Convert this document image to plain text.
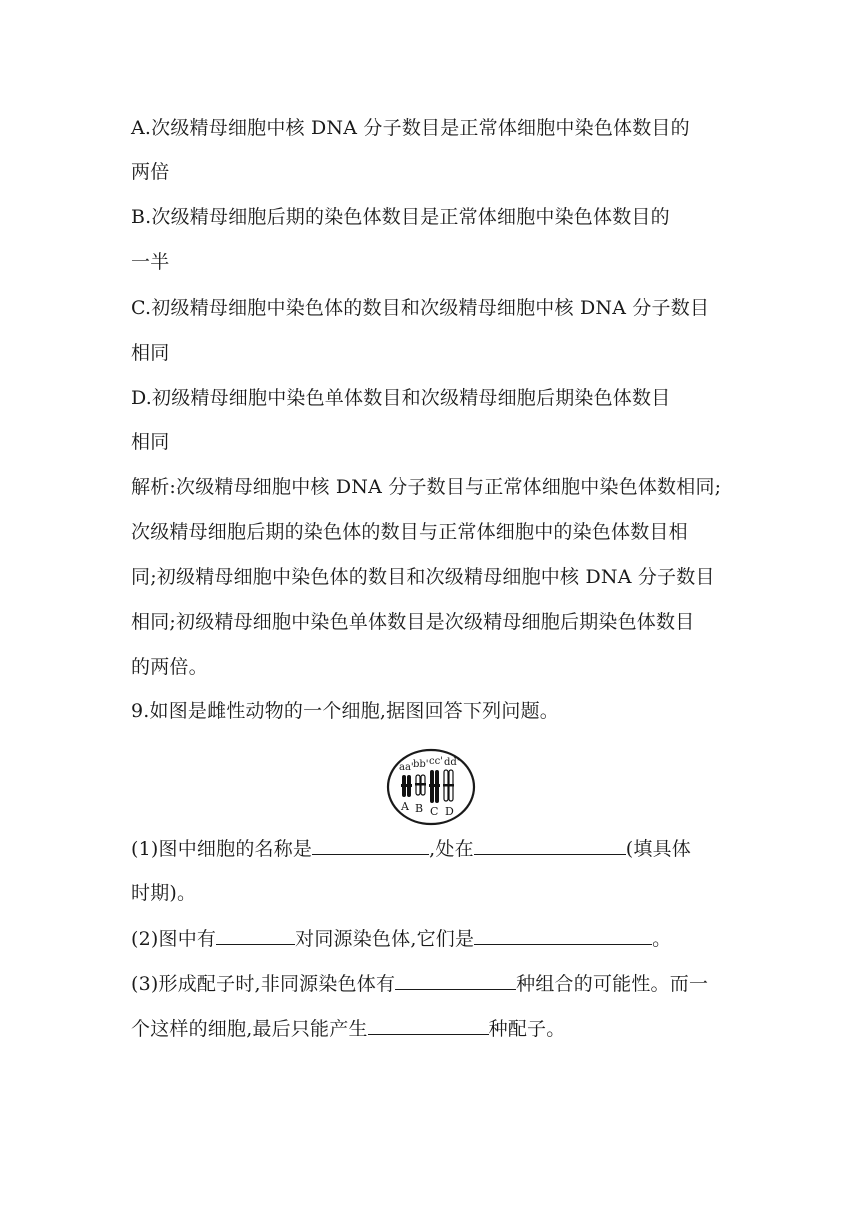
A.次级精母细胞中核 DNA 分子数目是正常体细胞中染色体数目的
两倍
B.次级精母细胞后期的染色体数目是正常体细胞中染色体数目的
一半
C.初级精母细胞中染色体的数目和次级精母细胞中核 DNA 分子数目
相同
D.初级精母细胞中染色单体数目和次级精母细胞后期染色体数目
相同
解析:次级精母细胞中核 DNA 分子数目与正常体细胞中染色体数相同;
次级精母细胞后期的染色体的数目与正常体细胞中的染色体数目相
同;初级精母细胞中染色体的数目和次级精母细胞中核 DNA 分子数目
相同;初级精母细胞中染色单体数目是次级精母细胞后期染色体数目
的两倍。
9.如图是雌性动物的一个细胞,据图回答下列问题。
aa' bb' cc' dd'
A B C D
(1)图中细胞的名称是	,处在	(填具体
时期)。
(2)图中有	对同源染色体,它们是	。
(3)形成配子时,非同源染色体有	种组合的可能性。而一
个这样的细胞,最后只能产生	种配子。
